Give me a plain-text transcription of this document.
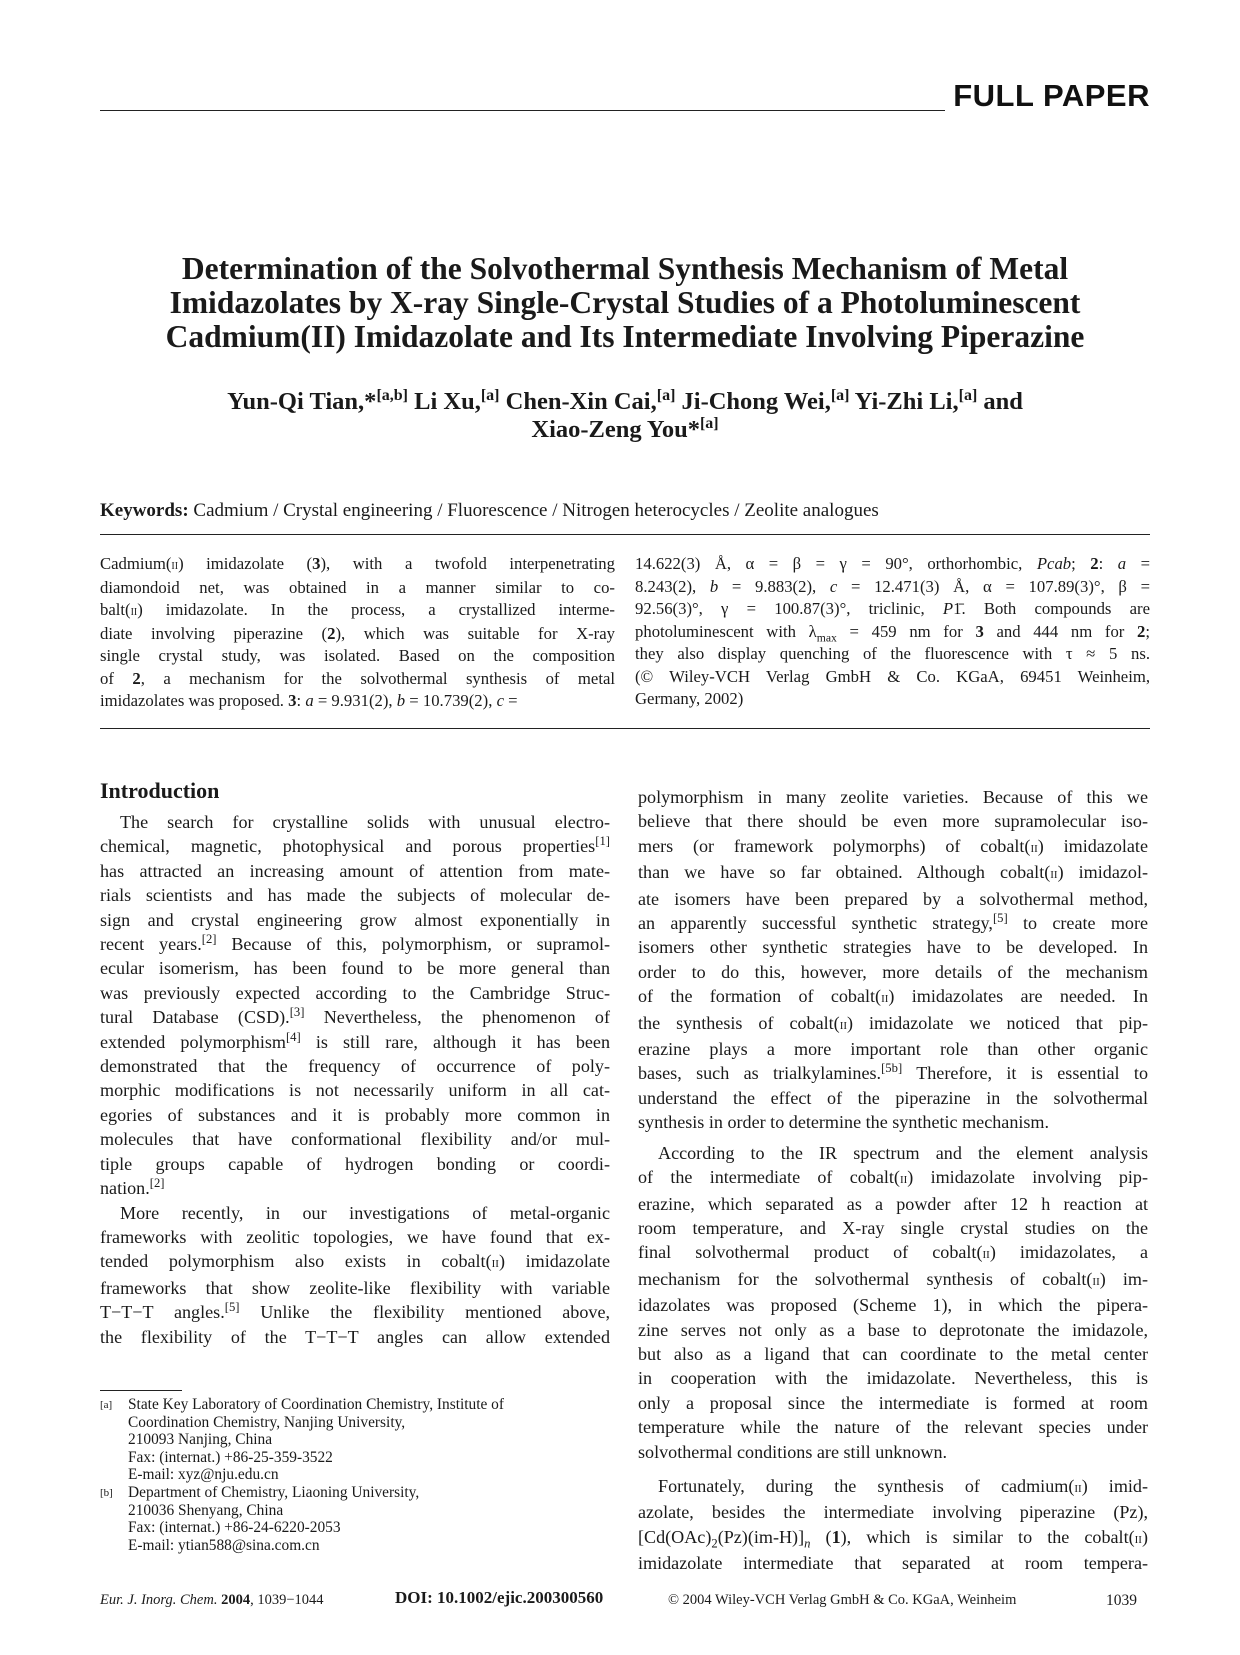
FULL PAPER
Determination of the Solvothermal Synthesis Mechanism of Metal
Imidazolates by X-ray Single-Crystal Studies of a Photoluminescent
Cadmium(II) Imidazolate and Its Intermediate Involving Piperazine
Yun-Qi Tian,*[a,b] Li Xu,[a] Chen-Xin Cai,[a] Ji-Chong Wei,[a] Yi-Zhi Li,[a] and
Xiao-Zeng You*[a]
Keywords: Cadmium / Crystal engineering / Fluorescence / Nitrogen heterocycles / Zeolite analogues
Cadmium(ii) imidazolate (3), with a twofold interpenetrating
diamondoid net, was obtained in a manner similar to co-
balt(ii) imidazolate. In the process, a crystallized interme-
diate involving piperazine (2), which was suitable for X-ray
single crystal study, was isolated. Based on the composition
of 2, a mechanism for the solvothermal synthesis of metal
imidazolates was proposed. 3: a = 9.931(2), b = 10.739(2), c =
14.622(3) Å, α = β = γ = 90°, orthorhombic, Pcab; 2: a =
8.243(2), b = 9.883(2), c = 12.471(3) Å, α = 107.89(3)°, β =
92.56(3)°, γ = 100.87(3)°, triclinic, P1̄. Both compounds are
photoluminescent with $\lambda_{max} = 459$ nm for 3 and 444 nm for 2;
they also display quenching of the fluorescence with τ ≈ 5 ns.
(© Wiley-VCH Verlag GmbH & Co. KGaA, 69451 Weinheim,
Germany, 2002)
Introduction
The search for crystalline solids with unusual electro-
chemical, magnetic, photophysical and porous properties[1]
has attracted an increasing amount of attention from mate-
rials scientists and has made the subjects of molecular de-
sign and crystal engineering grow almost exponentially in
recent years.[2] Because of this, polymorphism, or supramol-
ecular isomerism, has been found to be more general than
was previously expected according to the Cambridge Struc-
tural Database (CSD).[3] Nevertheless, the phenomenon of
extended polymorphism[4] is still rare, although it has been
demonstrated that the frequency of occurrence of poly-
morphic modifications is not necessarily uniform in all cat-
egories of substances and it is probably more common in
molecules that have conformational flexibility and/or mul-
tiple groups capable of hydrogen bonding or coordi-
nation.[2]
More recently, in our investigations of metal-organic
frameworks with zeolitic topologies, we have found that ex-
tended polymorphism also exists in cobalt(ii) imidazolate
frameworks that show zeolite-like flexibility with variable
T−T−T angles.[5] Unlike the flexibility mentioned above,
the flexibility of the T−T−T angles can allow extended
polymorphism in many zeolite varieties. Because of this we
believe that there should be even more supramolecular iso-
mers (or framework polymorphs) of cobalt(ii) imidazolate
than we have so far obtained. Although cobalt(ii) imidazol-
ate isomers have been prepared by a solvothermal method,
an apparently successful synthetic strategy,[5] to create more
isomers other synthetic strategies have to be developed. In
order to do this, however, more details of the mechanism
of the formation of cobalt(ii) imidazolates are needed. In
the synthesis of cobalt(ii) imidazolate we noticed that pip-
erazine plays a more important role than other organic
bases, such as trialkylamines.[5b] Therefore, it is essential to
understand the effect of the piperazine in the solvothermal
synthesis in order to determine the synthetic mechanism.
According to the IR spectrum and the element analysis
of the intermediate of cobalt(ii) imidazolate involving pip-
erazine, which separated as a powder after 12 h reaction at
room temperature, and X-ray single crystal studies on the
final solvothermal product of cobalt(ii) imidazolates, a
mechanism for the solvothermal synthesis of cobalt(ii) im-
idazolates was proposed (Scheme 1), in which the pipera-
zine serves not only as a base to deprotonate the imidazole,
but also as a ligand that can coordinate to the metal center
in cooperation with the imidazolate. Nevertheless, this is
only a proposal since the intermediate is formed at room
temperature while the nature of the relevant species under
solvothermal conditions are still unknown.
Fortunately, during the synthesis of cadmium(ii) imid-
azolate, besides the intermediate involving piperazine (Pz),
$[Cd(OAc)_2(Pz)(im-H)]_n$ (1), which is similar to the cobalt(ii)
imidazolate intermediate that separated at room tempera-
[a] State Key Laboratory of Coordination Chemistry, Institute of
Coordination Chemistry, Nanjing University,
210093 Nanjing, China
Fax: (internat.) +86-25-359-3522
E-mail: xyz@nju.edu.cn
[b] Department of Chemistry, Liaoning University,
210036 Shenyang, China
Fax: (internat.) +86-24-6220-2053
E-mail: ytian588@sina.com.cn
Eur. J. Inorg. Chem. 2004, 1039−1044	DOI: 10.1002/ejic.200300560	© 2004 Wiley-VCH Verlag GmbH & Co. KGaA, Weinheim	1039
